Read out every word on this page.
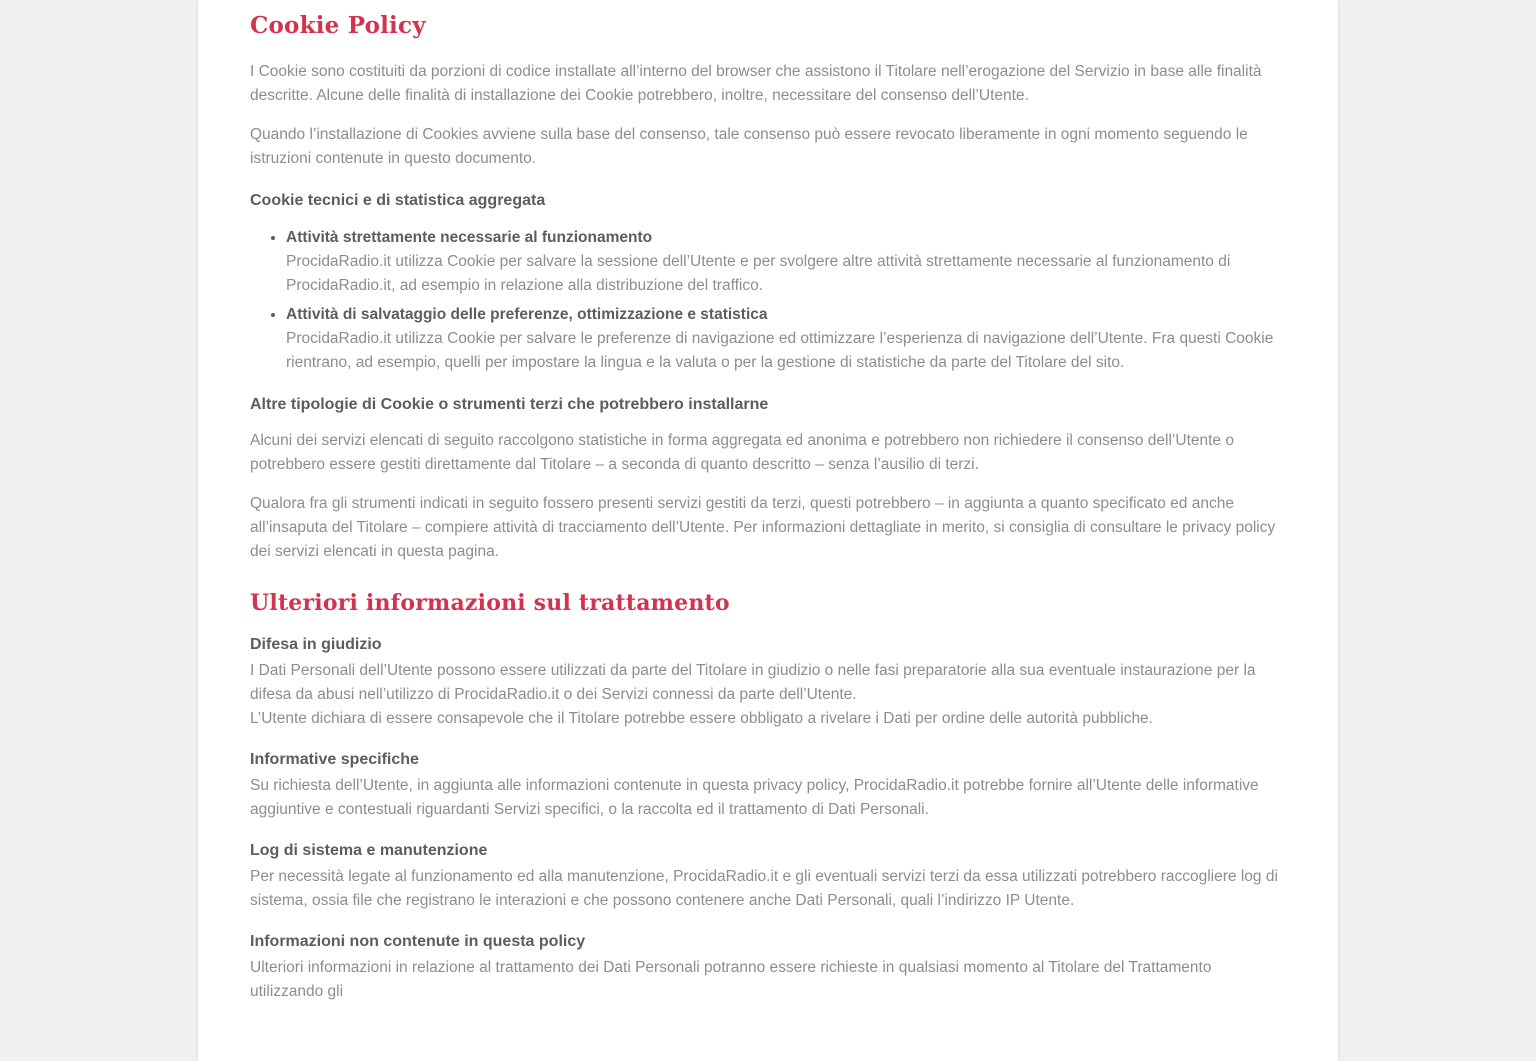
Cookie Policy

I Cookie sono costituiti da porzioni di codice installate all’interno del browser che assistono il Titolare nell’erogazione del Servizio in base alle finalità descritte. Alcune delle finalità di installazione dei Cookie potrebbero, inoltre, necessitare del consenso dell’Utente.

Quando l’installazione di Cookies avviene sulla base del consenso, tale consenso può essere revocato liberamente in ogni momento seguendo le istruzioni contenute in questo documento.

Cookie tecnici e di statistica aggregata
• Attività strettamente necessarie al funzionamento
ProcidaRadio.it utilizza Cookie per salvare la sessione dell’Utente e per svolgere altre attività strettamente necessarie al funzionamento di ProcidaRadio.it, ad esempio in relazione alla distribuzione del traffico.
• Attività di salvataggio delle preferenze, ottimizzazione e statistica
ProcidaRadio.it utilizza Cookie per salvare le preferenze di navigazione ed ottimizzare l’esperienza di navigazione dell’Utente. Fra questi Cookie rientrano, ad esempio, quelli per impostare la lingua e la valuta o per la gestione di statistiche da parte del Titolare del sito.
Altre tipologie di Cookie o strumenti terzi che potrebbero installarne

Alcuni dei servizi elencati di seguito raccolgono statistiche in forma aggregata ed anonima e potrebbero non richiedere il consenso dell’Utente o potrebbero essere gestiti direttamente dal Titolare – a seconda di quanto descritto – senza l’ausilio di terzi.

Qualora fra gli strumenti indicati in seguito fossero presenti servizi gestiti da terzi, questi potrebbero – in aggiunta a quanto specificato ed anche all’insaputa del Titolare – compiere attività di tracciamento dell’Utente. Per informazioni dettagliate in merito, si consiglia di consultare le privacy policy dei servizi elencati in questa pagina.

Ulteriori informazioni sul trattamento

Difesa in giudizio
I Dati Personali dell’Utente possono essere utilizzati da parte del Titolare in giudizio o nelle fasi preparatorie alla sua eventuale instaurazione per la difesa da abusi nell’utilizzo di ProcidaRadio.it o dei Servizi connessi da parte dell’Utente.
L’Utente dichiara di essere consapevole che il Titolare potrebbe essere obbligato a rivelare i Dati per ordine delle autorità pubbliche.

Informative specifiche
Su richiesta dell’Utente, in aggiunta alle informazioni contenute in questa privacy policy, ProcidaRadio.it potrebbe fornire all’Utente delle informative aggiuntive e contestuali riguardanti Servizi specifici, o la raccolta ed il trattamento di Dati Personali.

Log di sistema e manutenzione
Per necessità legate al funzionamento ed alla manutenzione, ProcidaRadio.it e gli eventuali servizi terzi da essa utilizzati potrebbero raccogliere log di sistema, ossia file che registrano le interazioni e che possono contenere anche Dati Personali, quali l’indirizzo IP Utente.

Informazioni non contenute in questa policy
Ulteriori informazioni in relazione al trattamento dei Dati Personali potranno essere richieste in qualsiasi momento al Titolare del Trattamento utilizzando gli
